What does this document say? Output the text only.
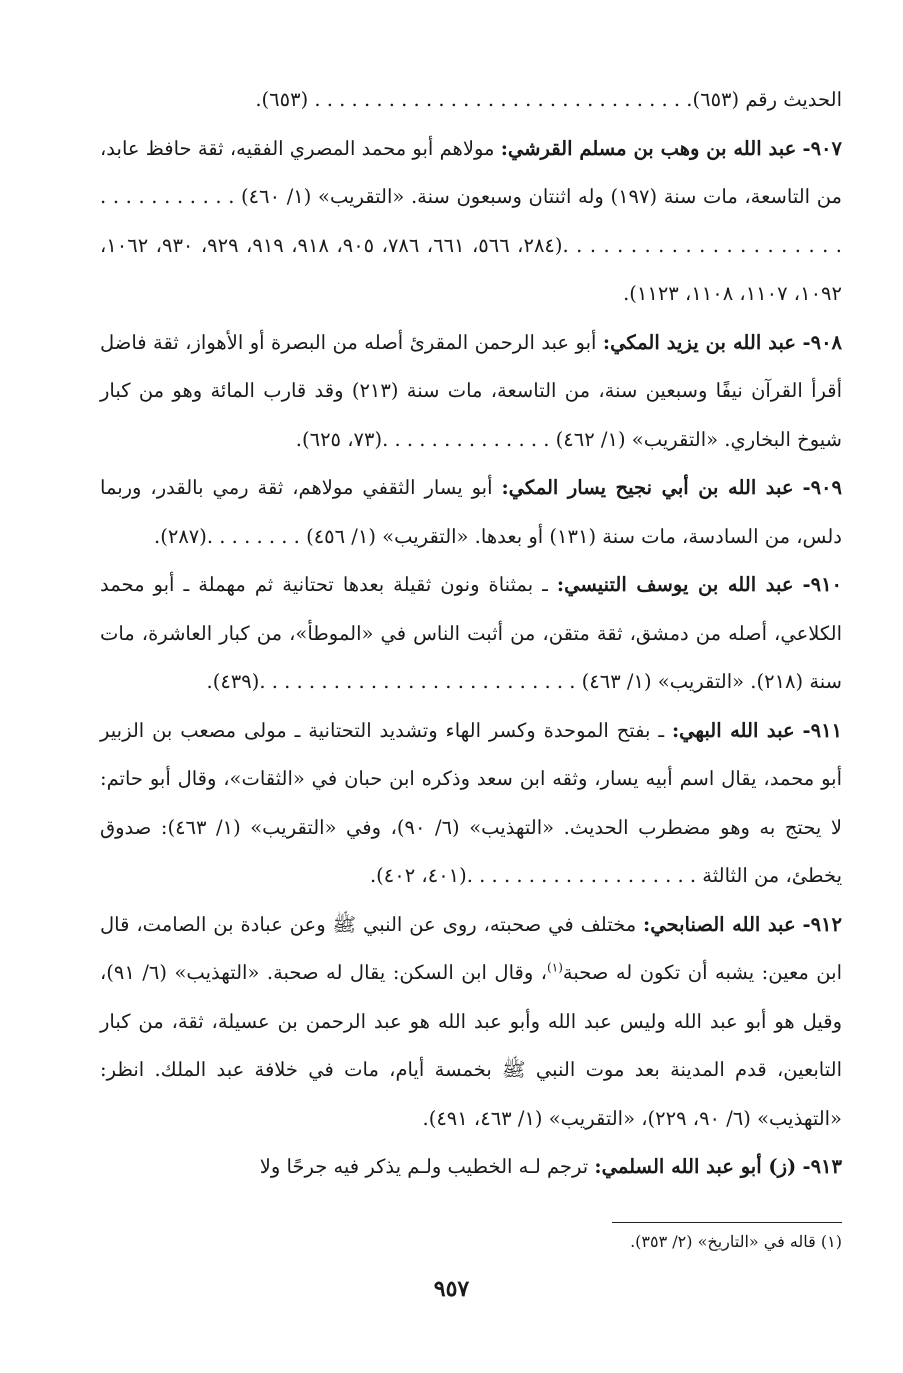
الحديث رقم (٦٥٣). . . . . . . . . . . . . . . . . . . . . . . . . . . . . . . (٦٥٣).

٩٠٧- عبد الله بن وهب بن مسلم القرشي: مولاهم أبو محمد المصري الفقيه، ثقة حافظ عابد، من التاسعة، مات سنة (١٩٧) وله اثنتان وسبعون سنة. «التقريب» (١/ ٤٦٠) . . . . . . . . . . . . . . . . . . . . . . . . . . . . . . . .(٢٨٤، ٥٦٦، ٦٦١، ٧٨٦، ٩٠٥، ٩١٨، ٩١٩، ٩٢٩، ٩٣٠، ١٠٦٢، ١٠٩٢، ١١٠٧، ١١٠٨، ١١٢٣).

٩٠٨- عبد الله بن يزيد المكي: أبو عبد الرحمن المقرئ أصله من البصرة أو الأهواز، ثقة فاضل أقرأ القرآن نيفًا وسبعين سنة، من التاسعة، مات سنة (٢١٣) وقد قارب المائة وهو من كبار شيوخ البخاري. «التقريب» (١/ ٤٦٢) . . . . . . . . . . . . . .(٧٣، ٦٢٥).

٩٠٩- عبد الله بن أبي نجيح يسار المكي: أبو يسار الثقفي مولاهم، ثقة رمي بالقدر، وربما دلس، من السادسة، مات سنة (١٣١) أو بعدها. «التقريب» (١/ ٤٥٦) . . . . . . . .(٢٨٧).

٩١٠- عبد الله بن يوسف التنيسي: ـ بمثناة ونون ثقيلة بعدها تحتانية ثم مهملة ـ أبو محمد الكلاعي، أصله من دمشق، ثقة متقن، من أثبت الناس في «الموطأ»، من كبار العاشرة، مات سنة (٢١٨). «التقريب» (١/ ٤٦٣) . . . . . . . . . . . . . . . . . . . . . . . . . .(٤٣٩).

٩١١- عبد الله البهي: ـ بفتح الموحدة وكسر الهاء وتشديد التحتانية ـ مولى مصعب بن الزبير أبو محمد، يقال اسم أبيه يسار، وثقه ابن سعد وذكره ابن حبان في «الثقات»، وقال أبو حاتم: لا يحتج به وهو مضطرب الحديث. «التهذيب» (٦/ ٩٠)، وفي «التقريب» (١/ ٤٦٣): صدوق يخطئ، من الثالثة . . . . . . . . . . . . . . . . . . .(٤٠١، ٤٠٢).

٩١٢- عبد الله الصنابحي: مختلف في صحبته، روى عن النبي ﷺ وعن عبادة بن الصامت، قال ابن معين: يشبه أن تكون له صحبة$^{(١)}$، وقال ابن السكن: يقال له صحبة. «التهذيب» (٦/ ٩١)، وقيل هو أبو عبد الله وليس عبد الله وأبو عبد الله هو عبد الرحمن بن عسيلة، ثقة، من كبار التابعين، قدم المدينة بعد موت النبي ﷺ بخمسة أيام، مات في خلافة عبد الملك. انظر: «التهذيب» (٦/ ٩٠، ٢٢٩)، «التقريب» (١/ ٤٦٣، ٤٩١).

٩١٣- (ز) أبو عبد الله السلمي: ترجم لـه الخطيب ولـم يذكر فيه جرحًا ولا

(١) قاله في «التاريخ» (٢/ ٣٥٣).
٩٥٧
